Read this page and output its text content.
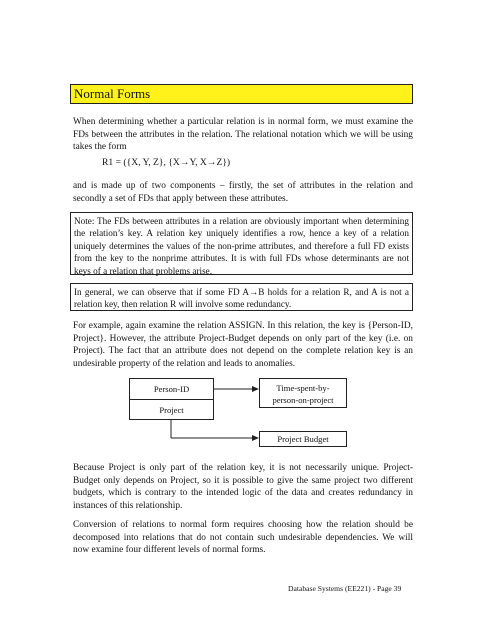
Normal Forms

When determining whether a particular relation is in normal form, we must examine the FDs between the attributes in the relation. The relational notation which we will be using takes the form

R1 = ({X, Y, Z}, {X→Y, X→Z})

and is made up of two components – firstly, the set of attributes in the relation and secondly a set of FDs that apply between these attributes.

Note: The FDs between attributes in a relation are obviously important when determining the relation’s key. A relation key uniquely identifies a row, hence a key of a relation uniquely determines the values of the non-prime attributes, and therefore a full FD exists from the key to the nonprime attributes. It is with full FDs whose determinants are not keys of a relation that problems arise.
In general, we can observe that if some FD A→B holds for a relation R, and A is not a relation key, then relation R will involve some redundancy.

For example, again examine the relation ASSIGN. In this relation, the key is {Person-ID, Project}. However, the attribute Project-Budget depends on only part of the key (i.e. on Project). The fact that an attribute does not depend on the complete relation key is an undesirable property of the relation and leads to anomalies.

Person-ID
Project
Time-spent-by-
person-on-project
Project Budget

Because Project is only part of the relation key, it is not necessarily unique. Project-Budget only depends on Project, so it is possible to give the same project two different budgets, which is contrary to the intended logic of the data and creates redundancy in instances of this relationship.

Conversion of relations to normal form requires choosing how the relation should be decomposed into relations that do not contain such undesirable dependencies. We will now examine four different levels of normal forms.

Database Systems (EE221) - Page 39
